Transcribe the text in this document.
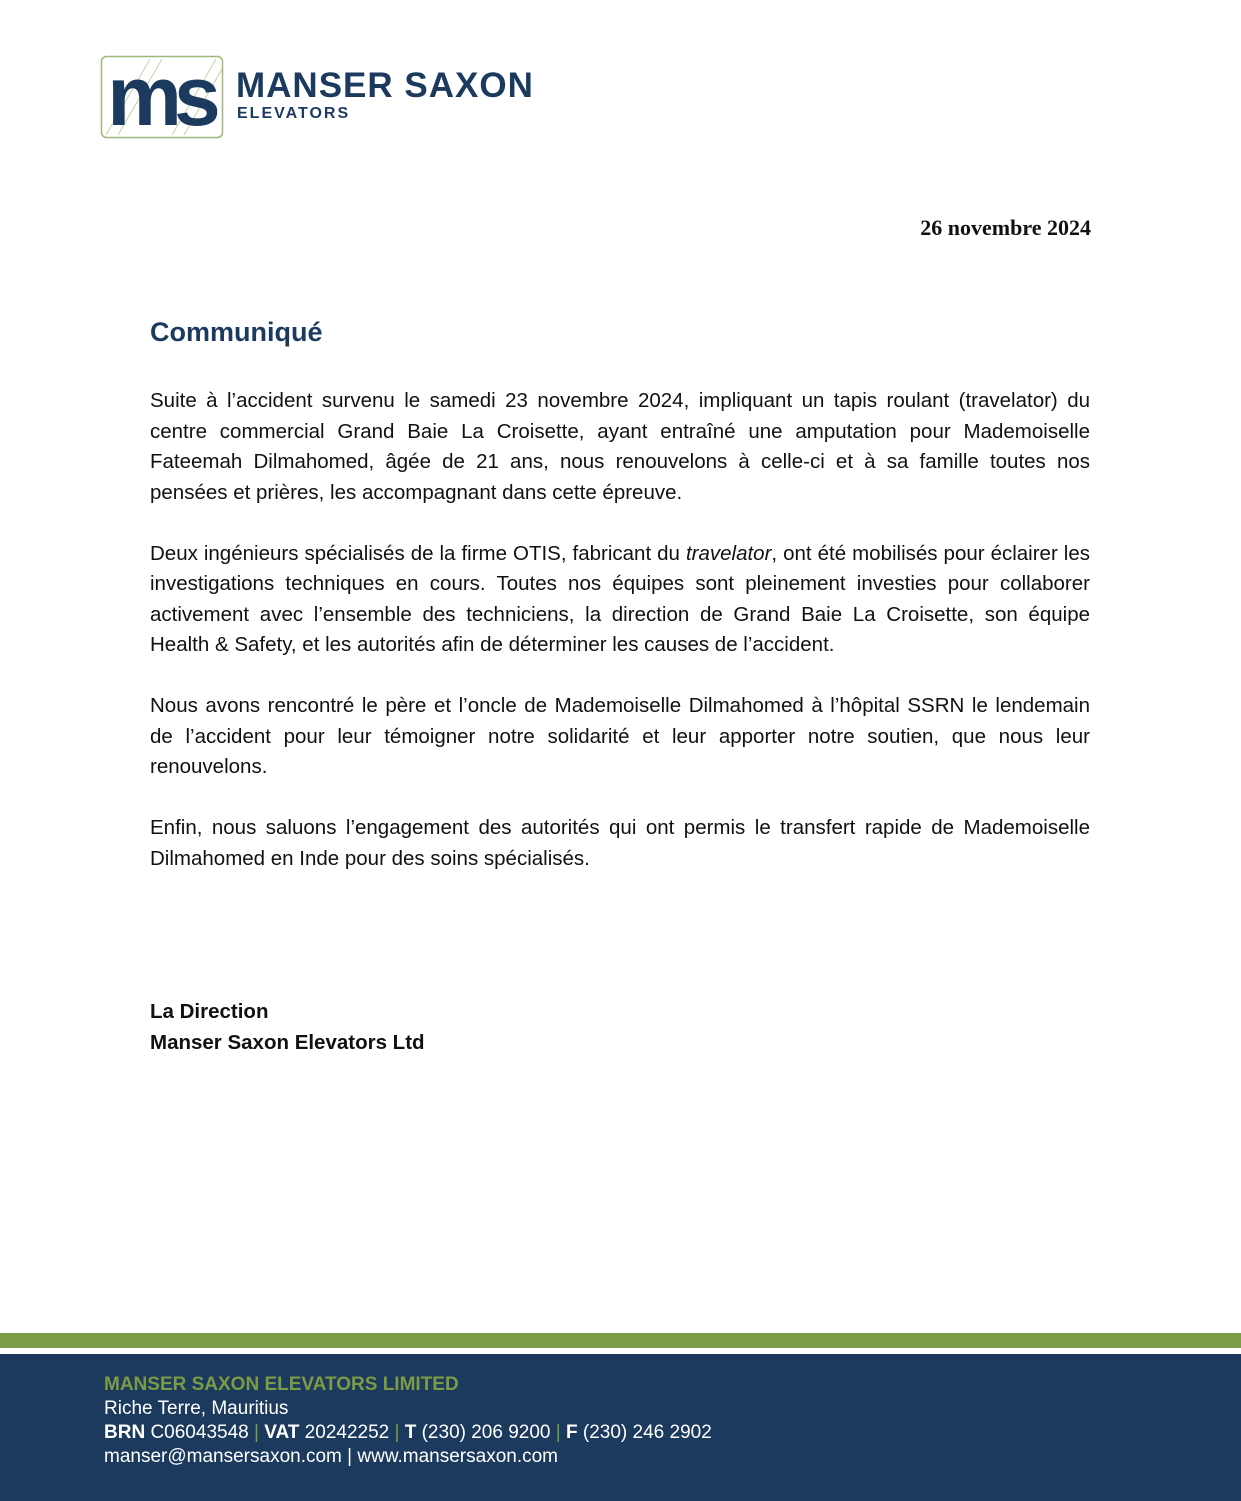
ms MANSER SAXON
ELEVATORS
26 novembre 2024
Communiqué

Suite à l’accident survenu le samedi 23 novembre 2024, impliquant un tapis roulant (travelator) du centre commercial Grand Baie La Croisette, ayant entraîné une amputation pour Mademoiselle Fateemah Dilmahomed, âgée de 21 ans, nous renouvelons à celle-ci et à sa famille toutes nos pensées et prières, les accompagnant dans cette épreuve.

Deux ingénieurs spécialisés de la firme OTIS, fabricant du travelator, ont été mobilisés pour éclairer les investigations techniques en cours. Toutes nos équipes sont pleinement investies pour collaborer activement avec l’ensemble des techniciens, la direction de Grand Baie La Croisette, son équipe Health & Safety, et les autorités afin de déterminer les causes de l’accident.

Nous avons rencontré le père et l’oncle de Mademoiselle Dilmahomed à l’hôpital SSRN le lendemain de l’accident pour leur témoigner notre solidarité et leur apporter notre soutien, que nous leur renouvelons.

Enfin, nous saluons l’engagement des autorités qui ont permis le transfert rapide de Mademoiselle Dilmahomed en Inde pour des soins spécialisés.

La Direction
Manser Saxon Elevators Ltd
MANSER SAXON ELEVATORS LIMITED
Riche Terre, Mauritius
BRN C06043548 | VAT 20242252 | T (230) 206 9200 | F (230) 246 2902
manser@mansersaxon.com | www.mansersaxon.com
